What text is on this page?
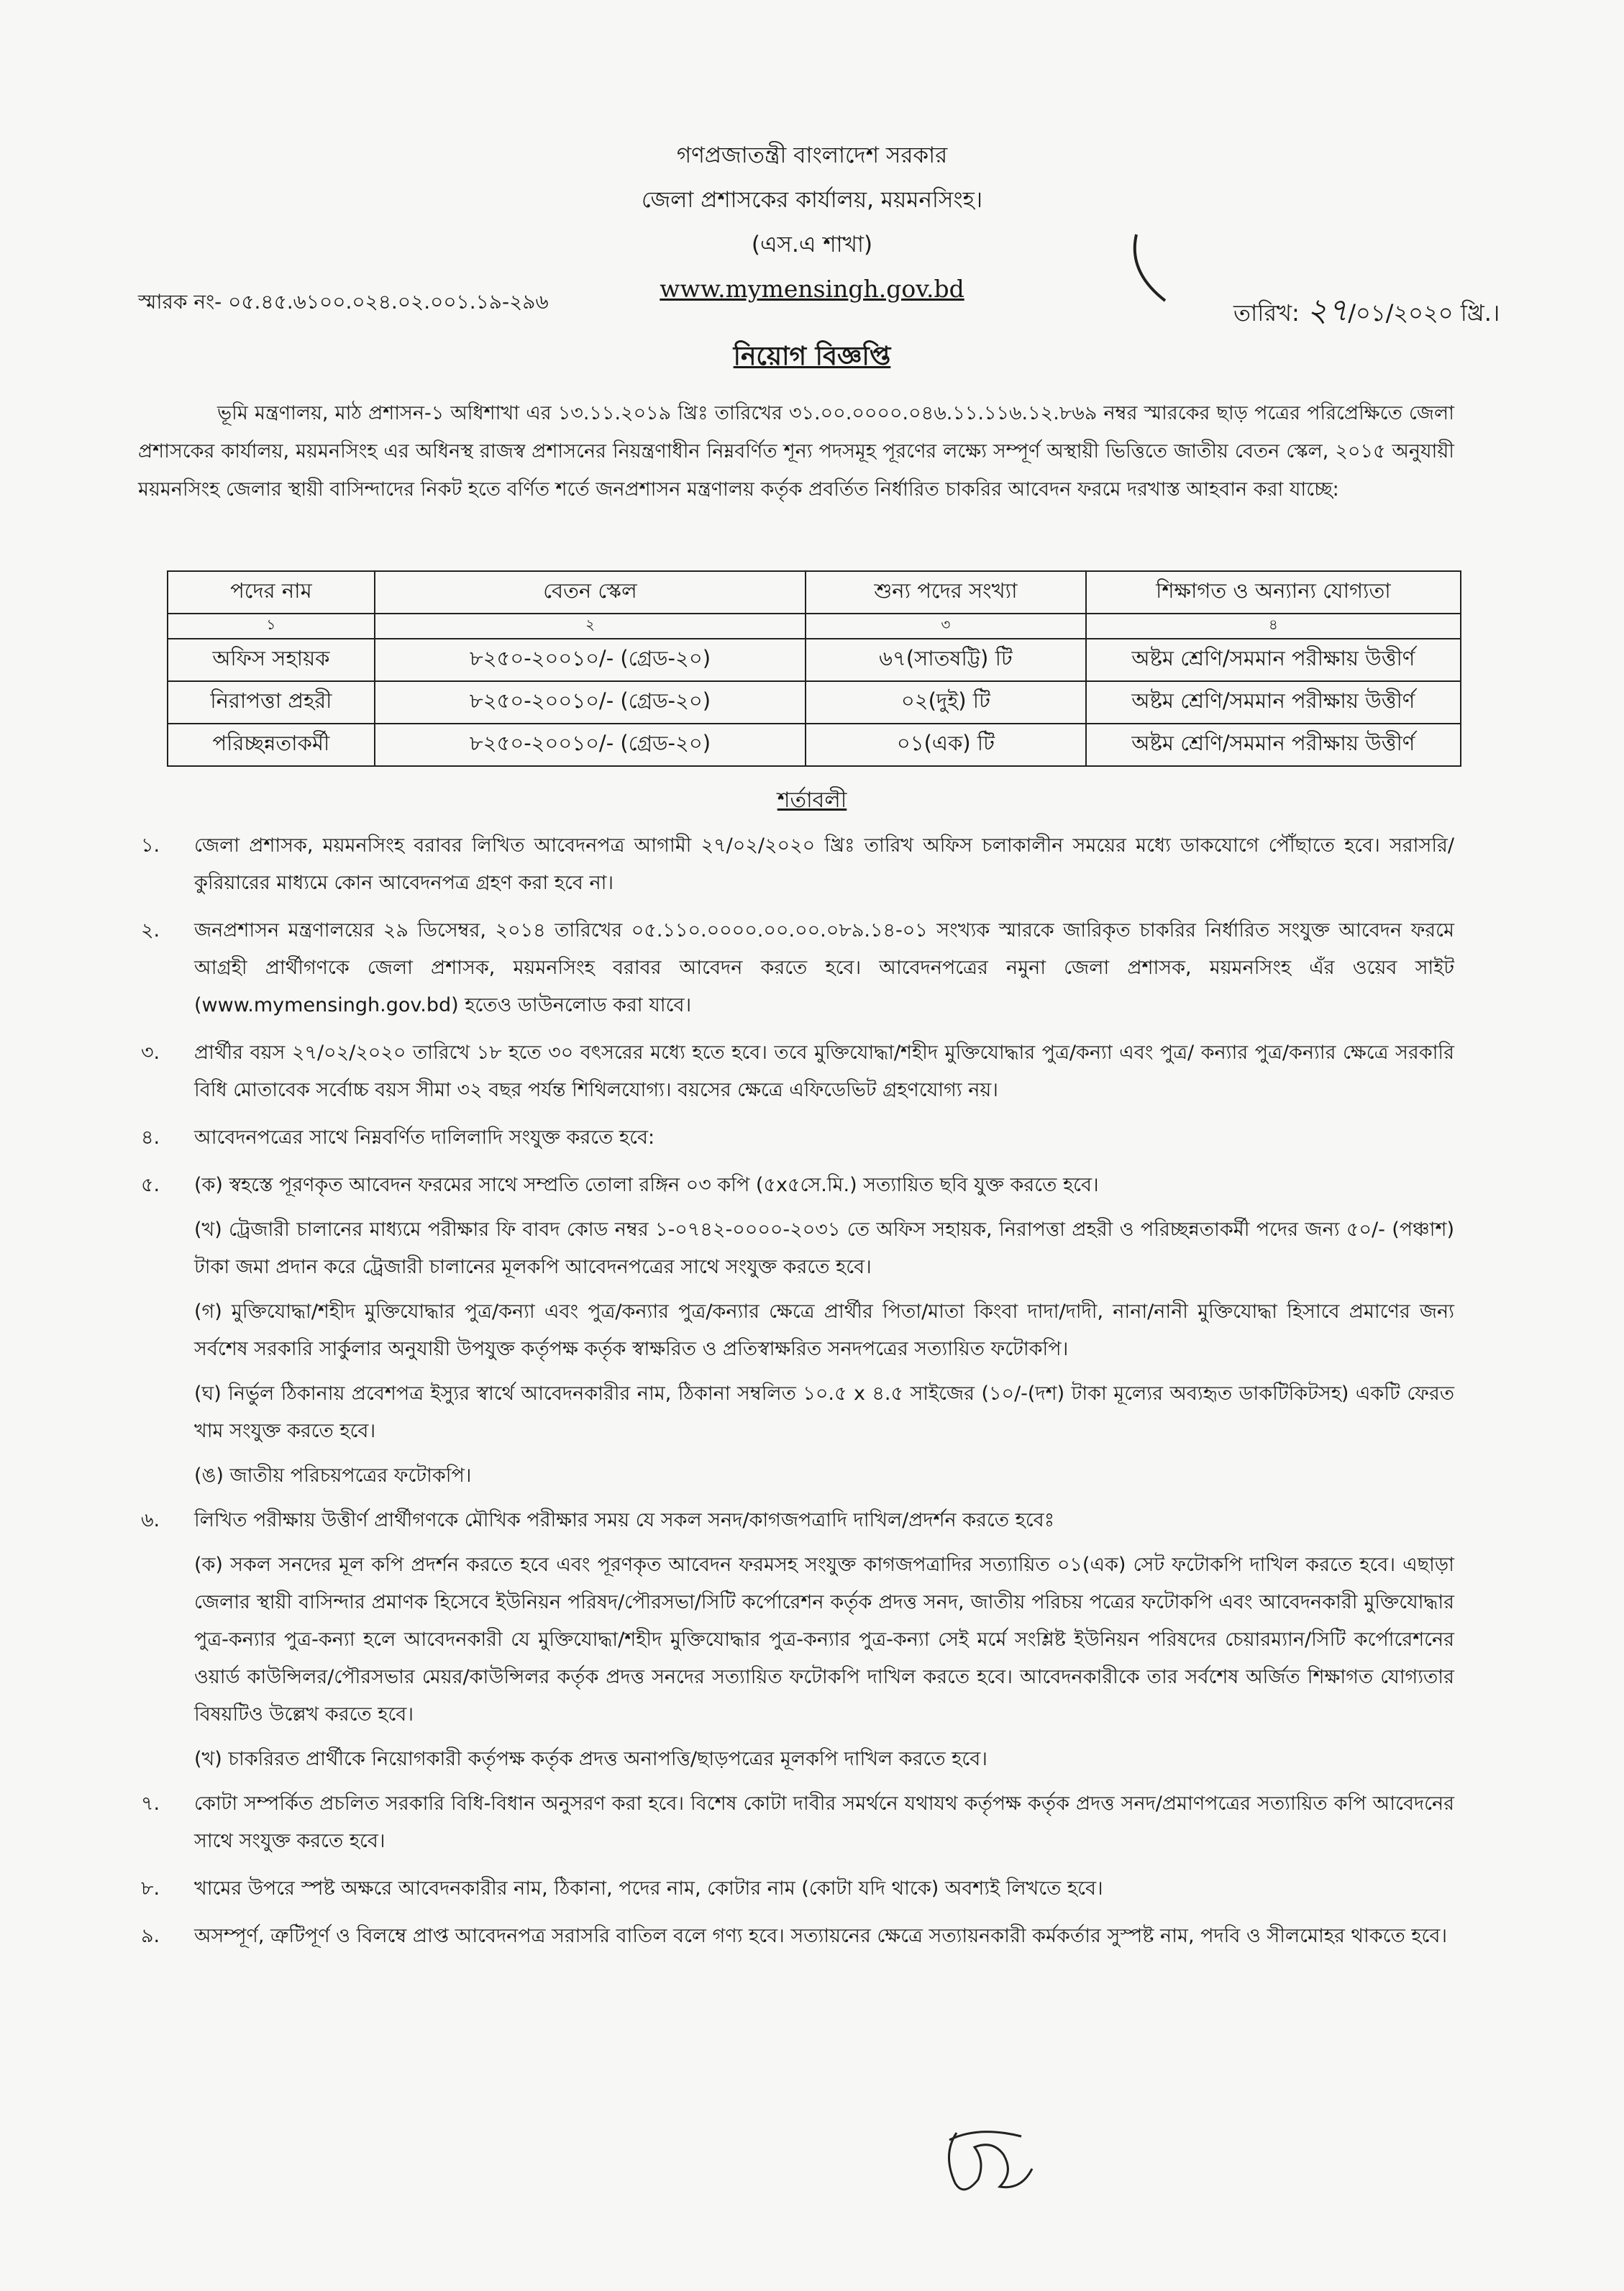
গণপ্রজাতন্ত্রী বাংলাদেশ সরকার
জেলা প্রশাসকের কার্যালয়, ময়মনসিংহ।
(এস.এ শাখা)
www.mymensingh.gov.bd
স্মারক নং- ০৫.৪৫.৬১০০.০২৪.০২.০০১.১৯-২৯৬	তারিখ: ২৭/০১/২০২০ খ্রি.।
নিয়োগ বিজ্ঞপ্তি
ভূমি মন্ত্রণালয়, মাঠ প্রশাসন-১ অধিশাখা এর ১৩.১১.২০১৯ খ্রিঃ তারিখের ৩১.০০.০০০০.০৪৬.১১.১১৬.১২.৮৬৯ নম্বর স্মারকের ছাড় পত্রের পরিপ্রেক্ষিতে জেলা প্রশাসকের কার্যালয়, ময়মনসিংহ এর অধিনস্থ রাজস্ব প্রশাসনের নিয়ন্ত্রণাধীন নিম্নবর্ণিত শূন্য পদসমূহ পূরণের লক্ষ্যে সম্পূর্ণ অস্থায়ী ভিত্তিতে জাতীয় বেতন স্কেল, ২০১৫ অনুযায়ী ময়মনসিংহ জেলার স্থায়ী বাসিন্দাদের নিকট হতে বর্ণিত শর্তে জনপ্রশাসন মন্ত্রণালয় কর্তৃক প্রবর্তিত নির্ধারিত চাকরির আবেদন ফরমে দরখাস্ত আহবান করা যাচ্ছে:
পদের নাম	বেতন স্কেল	শুন্য পদের সংখ্যা	শিক্ষাগত ও অন্যান্য যোগ্যতা
১	২	৩	৪
অফিস সহায়ক	৮২৫০-২০০১০/- (গ্রেড-২০)	৬৭(সাতষট্টি) টি	অষ্টম শ্রেণি/সমমান পরীক্ষায় উত্তীর্ণ
নিরাপত্তা প্রহরী	৮২৫০-২০০১০/- (গ্রেড-২০)	০২(দুই) টি	অষ্টম শ্রেণি/সমমান পরীক্ষায় উত্তীর্ণ
পরিচ্ছন্নতাকর্মী	৮২৫০-২০০১০/- (গ্রেড-২০)	০১(এক) টি	অষ্টম শ্রেণি/সমমান পরীক্ষায় উত্তীর্ণ
শর্তাবলী
১.	জেলা প্রশাসক, ময়মনসিংহ বরাবর লিখিত আবেদনপত্র আগামী ২৭/০২/২০২০ খ্রিঃ তারিখ অফিস চলাকালীন সময়ের মধ্যে ডাকযোগে পৌঁছাতে হবে। সরাসরি/কুরিয়ারের মাধ্যমে কোন আবেদনপত্র গ্রহণ করা হবে না।
২.	জনপ্রশাসন মন্ত্রণালয়ের ২৯ ডিসেম্বর, ২০১৪ তারিখের ০৫.১১০.০০০০.০০.০০.০৮৯.১৪-০১ সংখ্যক স্মারকে জারিকৃত চাকরির নির্ধারিত সংযুক্ত আবেদন ফরমে আগ্রহী প্রার্থীগণকে জেলা প্রশাসক, ময়মনসিংহ বরাবর আবেদন করতে হবে। আবেদনপত্রের নমুনা জেলা প্রশাসক, ময়মনসিংহ এঁর ওয়েব সাইট (www.mymensingh.gov.bd) হতেও ডাউনলোড করা যাবে।
৩.	প্রার্থীর বয়স ২৭/০২/২০২০ তারিখে ১৮ হতে ৩০ বৎসরের মধ্যে হতে হবে। তবে মুক্তিযোদ্ধা/শহীদ মুক্তিযোদ্ধার পুত্র/কন্যা এবং পুত্র/ কন্যার পুত্র/কন্যার ক্ষেত্রে সরকারি বিধি মোতাবেক সর্বোচ্চ বয়স সীমা ৩২ বছর পর্যন্ত শিথিলযোগ্য। বয়সের ক্ষেত্রে এফিডেভিট গ্রহণযোগ্য নয়।
৪.	আবেদনপত্রের সাথে নিম্নবর্ণিত দালিলাদি সংযুক্ত করতে হবে:
৫.	(ক) স্বহস্তে পূরণকৃত আবেদন ফরমের সাথে সম্প্রতি তোলা রঙ্গিন ০৩ কপি (৫x৫সে.মি.) সত্যায়িত ছবি যুক্ত করতে হবে।

(খ) ট্রেজারী চালানের মাধ্যমে পরীক্ষার ফি বাবদ কোড নম্বর ১-০৭৪২-০০০০-২০৩১ তে অফিস সহায়ক, নিরাপত্তা প্রহরী ও পরিচ্ছন্নতাকর্মী পদের জন্য ৫০/- (পঞ্চাশ) টাকা জমা প্রদান করে ট্রেজারী চালানের মূলকপি আবেদনপত্রের সাথে সংযুক্ত করতে হবে।

(গ) মুক্তিযোদ্ধা/শহীদ মুক্তিযোদ্ধার পুত্র/কন্যা এবং পুত্র/কন্যার পুত্র/কন্যার ক্ষেত্রে প্রার্থীর পিতা/মাতা কিংবা দাদা/দাদী, নানা/নানী মুক্তিযোদ্ধা হিসাবে প্রমাণের জন্য সর্বশেষ সরকারি সার্কুলার অনুযায়ী উপযুক্ত কর্তৃপক্ষ কর্তৃক স্বাক্ষরিত ও প্রতিস্বাক্ষরিত সনদপত্রের সত্যায়িত ফটোকপি।

(ঘ) নির্ভুল ঠিকানায় প্রবেশপত্র ইস্যুর স্বার্থে আবেদনকারীর নাম, ঠিকানা সম্বলিত ১০.৫ x ৪.৫ সাইজের (১০/-(দশ) টাকা মূল্যের অব্যহৃত ডাকটিকিটসহ) একটি ফেরত খাম সংযুক্ত করতে হবে।

(ঙ) জাতীয় পরিচয়পত্রের ফটোকপি।

৬.	লিখিত পরীক্ষায় উত্তীর্ণ প্রার্থীগণকে মৌখিক পরীক্ষার সময় যে সকল সনদ/কাগজপত্রাদি দাখিল/প্রদর্শন করতে হবেঃ

(ক) সকল সনদের মূল কপি প্রদর্শন করতে হবে এবং পূরণকৃত আবেদন ফরমসহ সংযুক্ত কাগজপত্রাদির সত্যায়িত ০১(এক) সেট ফটোকপি দাখিল করতে হবে। এছাড়া জেলার স্থায়ী বাসিন্দার প্রমাণক হিসেবে ইউনিয়ন পরিষদ/পৌরসভা/সিটি কর্পোরেশন কর্তৃক প্রদত্ত সনদ, জাতীয় পরিচয় পত্রের ফটোকপি এবং আবেদনকারী মুক্তিযোদ্ধার পুত্র-কন্যার পুত্র-কন্যা হলে আবেদনকারী যে মুক্তিযোদ্ধা/শহীদ মুক্তিযোদ্ধার পুত্র-কন্যার পুত্র-কন্যা সেই মর্মে সংশ্লিষ্ট ইউনিয়ন পরিষদের চেয়ারম্যান/সিটি কর্পোরেশনের ওয়ার্ড কাউন্সিলর/পৌরসভার মেয়র/কাউন্সিলর কর্তৃক প্রদত্ত সনদের সত্যায়িত ফটোকপি দাখিল করতে হবে। আবেদনকারীকে তার সর্বশেষ অর্জিত শিক্ষাগত যোগ্যতার বিষয়টিও উল্লেখ করতে হবে।

(খ) চাকরিরত প্রার্থীকে নিয়োগকারী কর্তৃপক্ষ কর্তৃক প্রদত্ত অনাপত্তি/ছাড়পত্রের মূলকপি দাখিল করতে হবে।

৭.	কোটা সম্পর্কিত প্রচলিত সরকারি বিধি-বিধান অনুসরণ করা হবে। বিশেষ কোটা দাবীর সমর্থনে যথাযথ কর্তৃপক্ষ কর্তৃক প্রদত্ত সনদ/প্রমাণপত্রের সত্যায়িত কপি আবেদনের সাথে সংযুক্ত করতে হবে।
৮.	খামের উপরে স্পষ্ট অক্ষরে আবেদনকারীর নাম, ঠিকানা, পদের নাম, কোটার নাম (কোটা যদি থাকে) অবশ্যই লিখতে হবে।
৯.	অসম্পূর্ণ, ত্রুটিপূর্ণ ও বিলম্বে প্রাপ্ত আবেদনপত্র সরাসরি বাতিল বলে গণ্য হবে। সত্যায়নের ক্ষেত্রে সত্যায়নকারী কর্মকর্তার সুস্পষ্ট নাম, পদবি ও সীলমোহর থাকতে হবে।
